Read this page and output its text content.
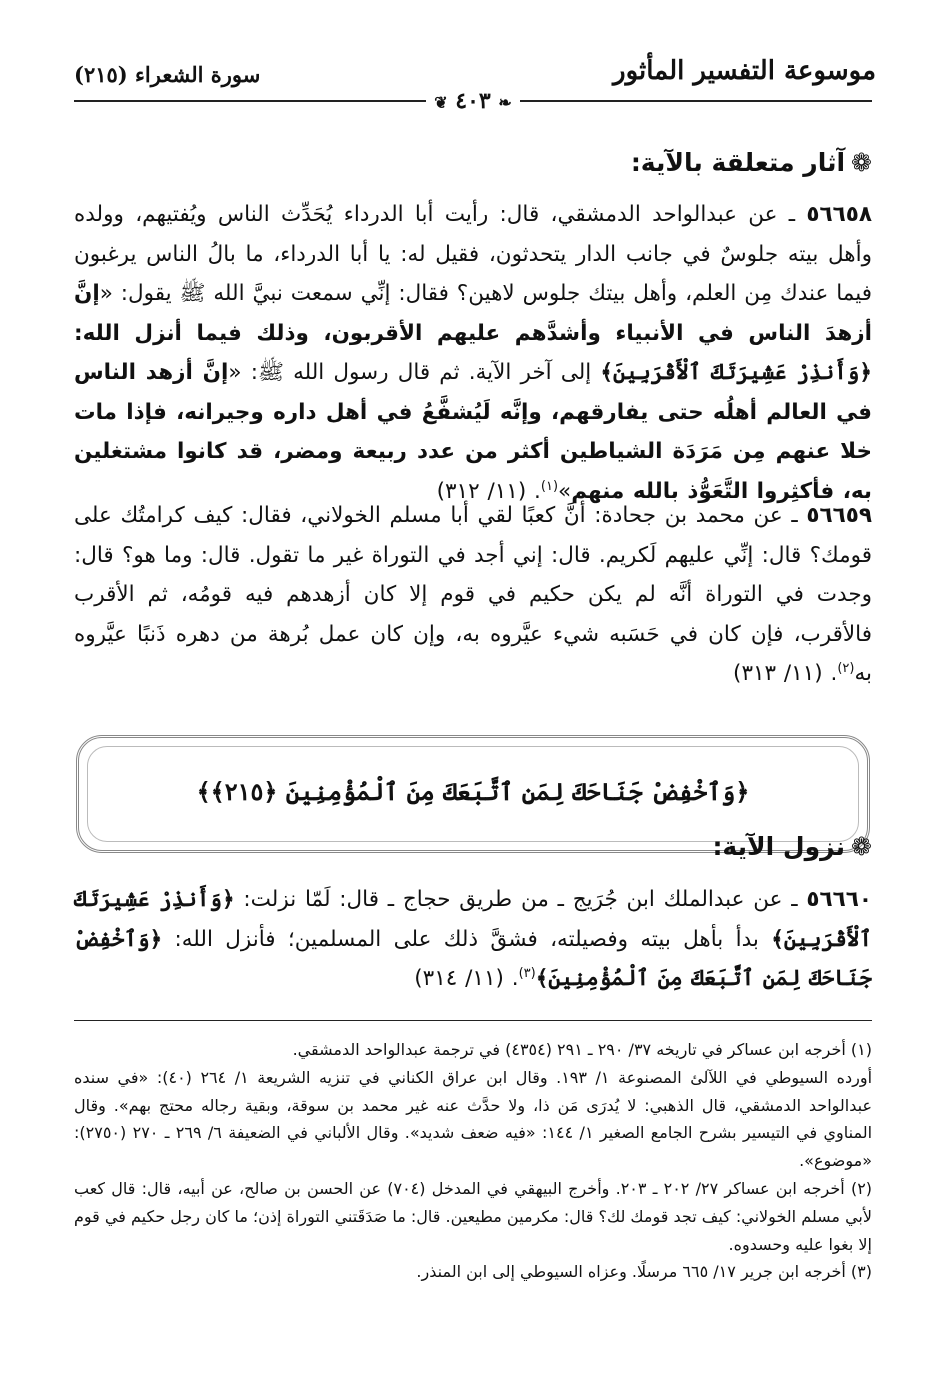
موسوعة التفسير المأثور
سورة الشعراء (٢١٥)
❦ ٤٠٣ ❧
❁آثار متعلقة بالآية:
٥٦٦٥٨ ـ عن عبدالواحد الدمشقي، قال: رأيت أبا الدرداء يُحَدِّث الناس ويُفتيهم، وولده وأهل بيته جلوسٌ في جانب الدار يتحدثون، فقيل له: يا أبا الدرداء، ما بالُ الناس يرغبون فيما عندك مِن العلم، وأهل بيتك جلوس لاهين؟ فقال: إنِّي سمعت نبيَّ الله ﷺ يقول: «إنَّ أزهدَ الناس في الأنبياء وأشدَّهم عليهم الأقربون، وذلك فيما أنزل الله: ﴿وَأَنذِرْ عَشِيرَتَكَ ٱلْأَقْرَبِينَ﴾ إلى آخر الآية. ثم قال رسول الله ﷺ: «إنَّ أزهد الناس في العالم أهلُه حتى يفارقهم، وإنَّه لَيُشفَّعُ في أهل داره وجيرانه، فإذا مات خلا عنهم مِن مَرَدَة الشياطين أكثر من عدد ربيعة ومضر، قد كانوا مشتغلين به، فأكثِروا التَّعَوُّذ بالله منهم»$^{(١)}$. (١١/ ٣١٢)
٥٦٦٥٩ ـ عن محمد بن جحادة: أنَّ كعبًا لقي أبا مسلم الخولاني، فقال: كيف كرامتُك على قومك؟ قال: إنِّي عليهم لَكريم. قال: إني أجد في التوراة غير ما تقول. قال: وما هو؟ قال: وجدت في التوراة أنَّه لم يكن حكيم في قوم إلا كان أزهدهم فيه قومُه، ثم الأقرب فالأقرب، فإن كان في حَسَبه شيء عيَّروه به، وإن كان عمل بُرهة من دهره ذَنبًا عيَّروه به$^{(٢)}$. (١١/ ٣١٣)
﴿وَٱخْفِضْ جَنَاحَكَ لِمَنِ ٱتَّبَعَكَ مِنَ ٱلْمُؤْمِنِينَ ﴿٢١٥﴾﴾
❁نزول الآية:
٥٦٦٦٠ ـ عن عبدالملك ابن جُرَيج ـ من طريق حجاج ـ قال: لَمّا نزلت: ﴿وَأَنذِرْ عَشِيرَتَكَ ٱلْأَقْرَبِينَ﴾ بدأ بأهل بيته وفصيلته، فشقَّ ذلك على المسلمين؛ فأنزل الله: ﴿وَٱخْفِضْ جَنَاحَكَ لِمَنِ ٱتَّبَعَكَ مِنَ ٱلْمُؤْمِنِينَ﴾$^{(٣)}$. (١١/ ٣١٤)

(١) أخرجه ابن عساكر في تاريخه ٣٧/ ٢٩٠ ـ ٢٩١ (٤٣٥٤) في ترجمة عبدالواحد الدمشقي.

أورده السيوطي في اللآلئ المصنوعة ١/ ١٩٣. وقال ابن عراق الكناني في تنزيه الشريعة ١/ ٢٦٤ (٤٠): «في سنده عبدالواحد الدمشقي، قال الذهبي: لا يُدرَى مَن ذا، ولا حدَّث عنه غير محمد بن سوقة، وبقية رجاله محتج بهم». وقال المناوي في التيسير بشرح الجامع الصغير ١/ ١٤٤: «فيه ضعف شديد». وقال الألباني في الضعيفة ٦/ ٢٦٩ ـ ٢٧٠ (٢٧٥٠): «موضوع».

(٢) أخرجه ابن عساكر ٢٧/ ٢٠٢ ـ ٢٠٣. وأخرج البيهقي في المدخل (٧٠٤) عن الحسن بن صالح، عن أبيه، قال: قال كعب لأبي مسلم الخولاني: كيف تجد قومك لك؟ قال: مكرمين مطيعين. قال: ما صَدَقَتني التوراة إذن؛ ما كان رجل حكيم في قوم إلا بغوا عليه وحسدوه.

(٣) أخرجه ابن جرير ١٧/ ٦٦٥ مرسلًا. وعزاه السيوطي إلى ابن المنذر.
